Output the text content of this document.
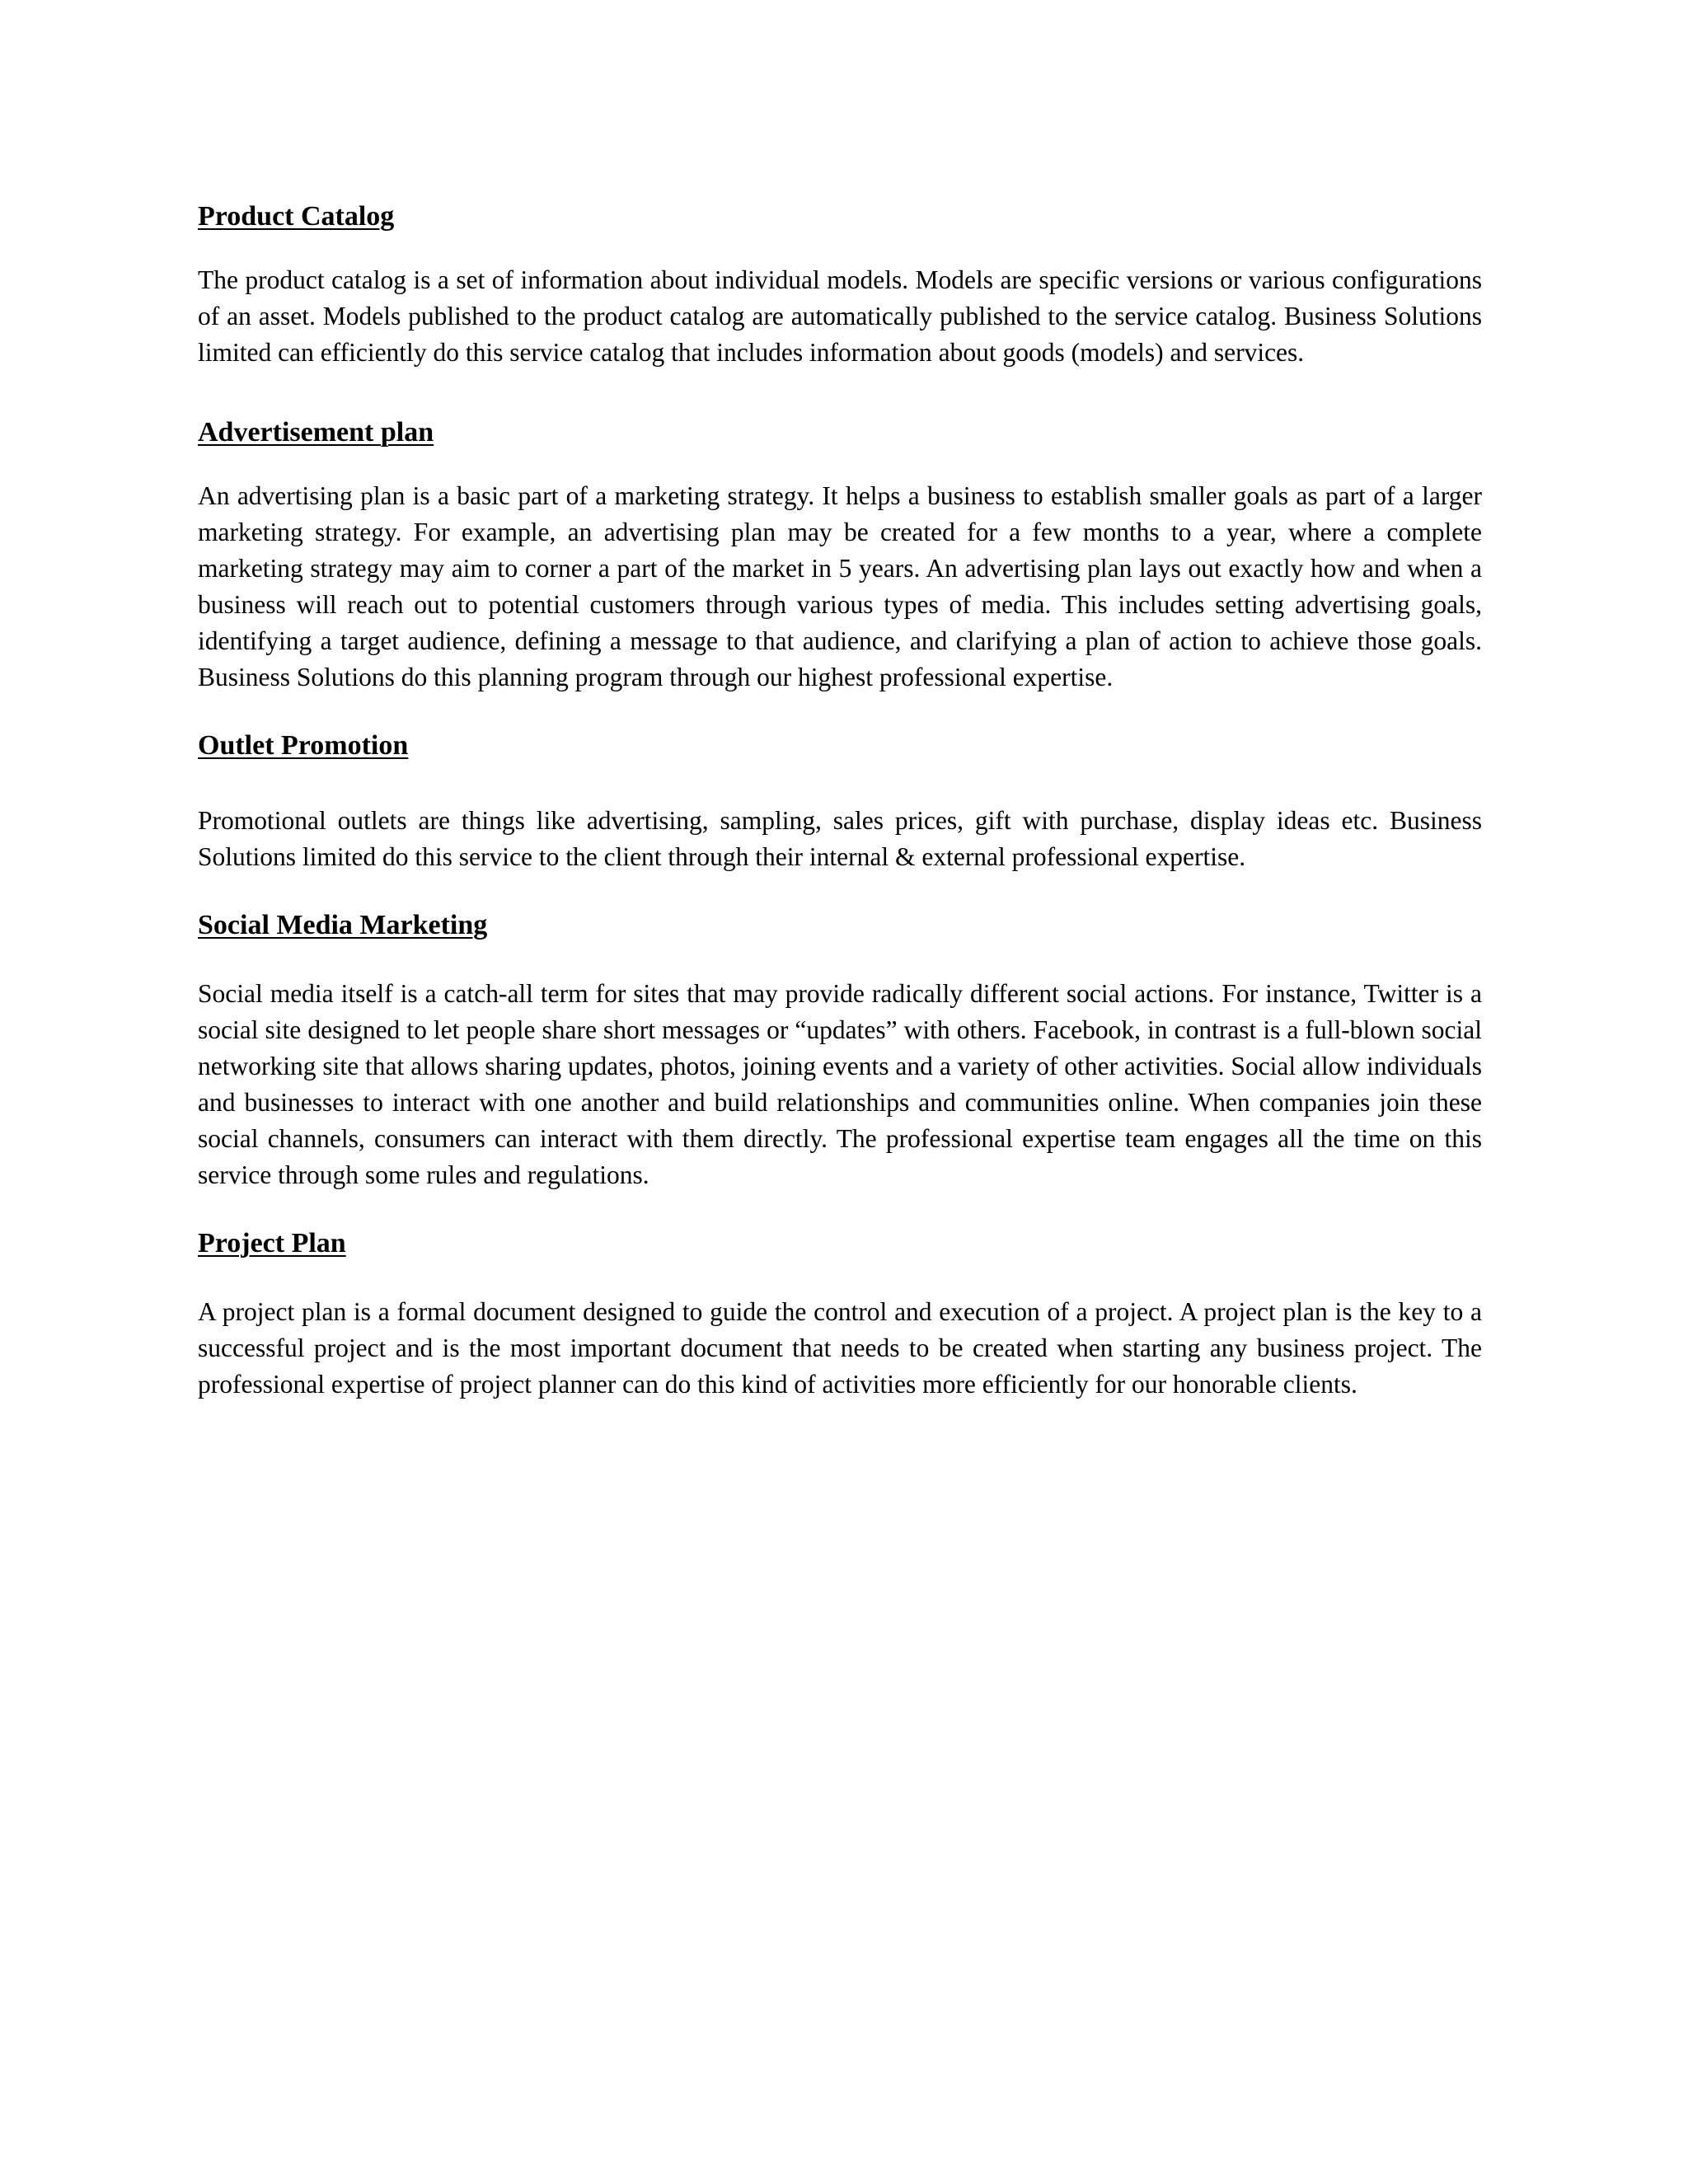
Product Catalog

The product catalog is a set of information about individual models. Models are specific versions or various configurations of an asset. Models published to the product catalog are automatically published to the service catalog. Business Solutions limited can efficiently do this service catalog that includes information about goods (models) and services.

Advertisement plan

An advertising plan is a basic part of a marketing strategy. It helps a business to establish smaller goals as part of a larger marketing strategy. For example, an advertising plan may be created for a few months to a year, where a complete marketing strategy may aim to corner a part of the market in 5 years. An advertising plan lays out exactly how and when a business will reach out to potential customers through various types of media. This includes setting advertising goals, identifying a target audience, defining a message to that audience, and clarifying a plan of action to achieve those goals. Business Solutions do this planning program through our highest professional expertise.

Outlet Promotion

Promotional outlets are things like advertising, sampling, sales prices, gift with purchase, display ideas etc. Business Solutions limited do this service to the client through their internal & external professional expertise.

Social Media Marketing

Social media itself is a catch-all term for sites that may provide radically different social actions. For instance, Twitter is a social site designed to let people share short messages or “updates” with others. Facebook, in contrast is a full-blown social networking site that allows sharing updates, photos, joining events and a variety of other activities. Social allow individuals and businesses to interact with one another and build relationships and communities online. When companies join these social channels, consumers can interact with them directly. The professional expertise team engages all the time on this service through some rules and regulations.

Project Plan

A project plan is a formal document designed to guide the control and execution of a project. A project plan is the key to a successful project and is the most important document that needs to be created when starting any business project. The professional expertise of project planner can do this kind of activities more efficiently for our honorable clients.
